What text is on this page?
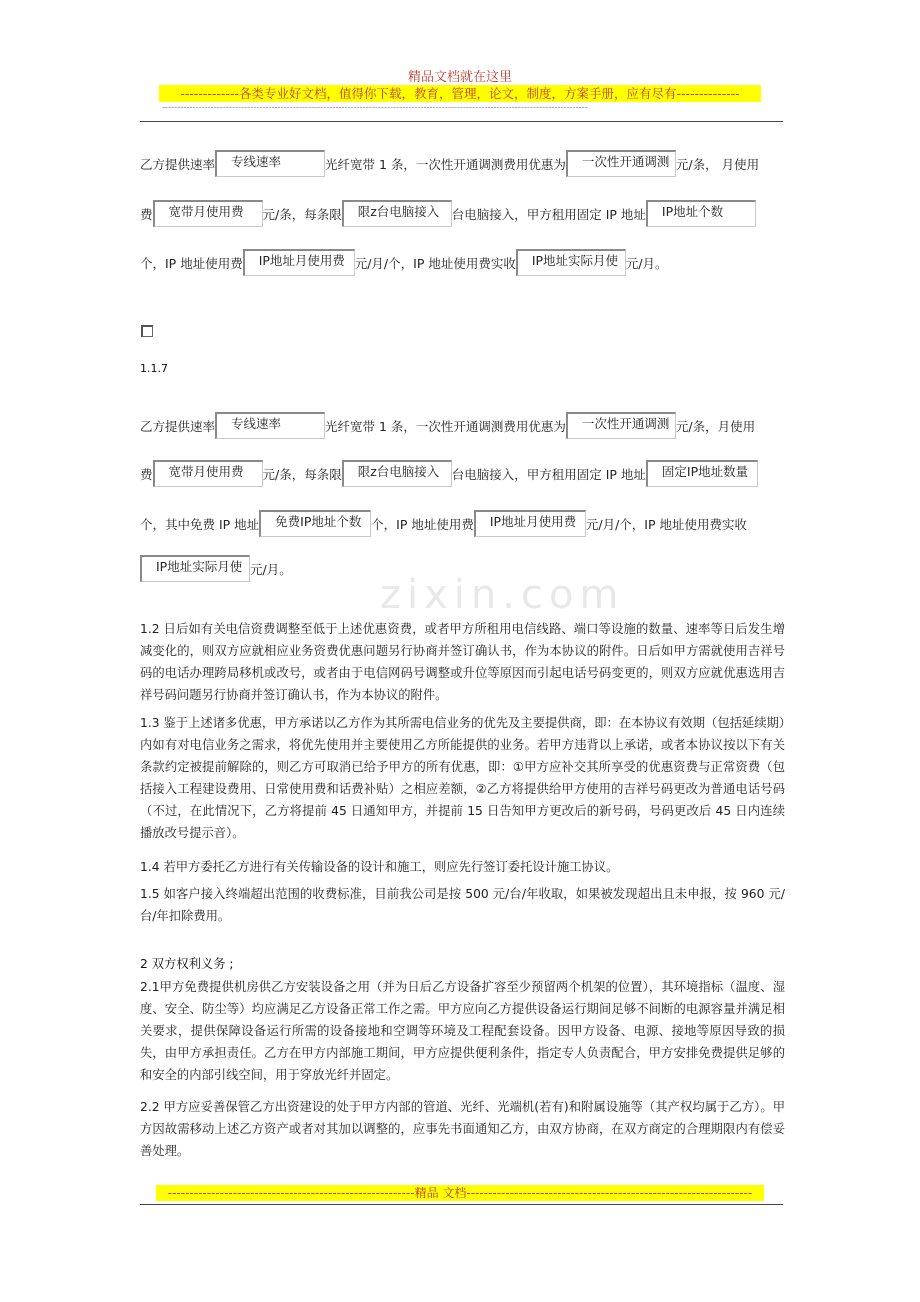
精品文档就在这里
-------------各类专业好文档，值得你下载，教育，管理，论文，制度，方案手册，应有尽有--------------
--------------------------------------------------------------------------------------------------------------------------------------------
zixin.com
乙方提供速率 专线速率	光纤宽带 1 条，一次性开通调测费用优惠为 一次性开通调测 元/条， 月使用
费 宽带月使用费 元/条，每条限 限z台电脑接入 台电脑接入，甲方租用固定 IP 地址 IP地址个数
个，IP 地址使用费 IP地址月使用费 元/月/个，IP 地址使用费实收 IP地址实际月使 元/月。
1.1.7
乙方提供速率 专线速率	光纤宽带 1 条，一次性开通调测费用优惠为 一次性开通调测 元/条，月使用
费 宽带月使用费 元/条，每条限 限z台电脑接入 台电脑接入，甲方租用固定 IP 地址 固定IP地址数量
个，其中免费 IP 地址 免费IP地址个数 个，IP 地址使用费 IP地址月使用费 元/月/个，IP 地址使用费实收
IP地址实际月使 元/月。
1.2 日后如有关电信资费调整至低于上述优惠资费，或者甲方所租用电信线路、端口等设施的数量、速率等日后发生增减变化的，则双方应就相应业务资费优惠问题另行协商并签订确认书，作为本协议的附件。日后如甲方需就使用吉祥号码的电话办理跨局移机或改号，或者由于电信网码号调整或升位等原因而引起电话号码变更的，则双方应就优惠选用吉祥号码问题另行协商并签订确认书，作为本协议的附件。
1.3 鉴于上述诸多优惠，甲方承诺以乙方作为其所需电信业务的优先及主要提供商，即：在本协议有效期（包括延续期）内如有对电信业务之需求，将优先使用并主要使用乙方所能提供的业务。若甲方违背以上承诺，或者本协议按以下有关条款约定被提前解除的，则乙方可取消已给予甲方的所有优惠，即：①甲方应补交其所享受的优惠资费与正常资费（包括接入工程建设费用、日常使用费和话费补贴）之相应差额，②乙方将提供给甲方使用的吉祥号码更改为普通电话号码（不过，在此情况下，乙方将提前 45 日通知甲方，并提前 15 日告知甲方更改后的新号码，号码更改后 45 日内连续播放改号提示音）。
1.4 若甲方委托乙方进行有关传输设备的设计和施工，则应先行签订委托设计施工协议。
1.5 如客户接入终端超出范围的收费标准，目前我公司是按 500 元/台/年收取，如果被发现超出且未申报，按 960 元/台/年扣除费用。
2 双方权利义务 ;
2.1甲方免费提供机房供乙方安装设备之用（并为日后乙方设备扩容至少预留两个机架的位置），其环境指标（温度、湿度、安全、防尘等）均应满足乙方设备正常工作之需。甲方应向乙方提供设备运行期间足够不间断的电源容量并满足相关要求，提供保障设备运行所需的设备接地和空调等环境及工程配套设备。因甲方设备、电源、接地等原因导致的损失，由甲方承担责任。乙方在甲方内部施工期间，甲方应提供便利条件，指定专人负责配合，甲方安排免费提供足够的和安全的内部引线空间，用于穿放光纤并固定。
2.2 甲方应妥善保管乙方出资建设的处于甲方内部的管道、光纤、光端机(若有)和附属设施等（其产权均属于乙方）。甲方因故需移动上述乙方资产或者对其加以调整的，应事先书面通知乙方，由双方协商，在双方商定的合理期限内有偿妥善处理。
---------------------------------------------------------精品 文档------------------------------------------------------------------
